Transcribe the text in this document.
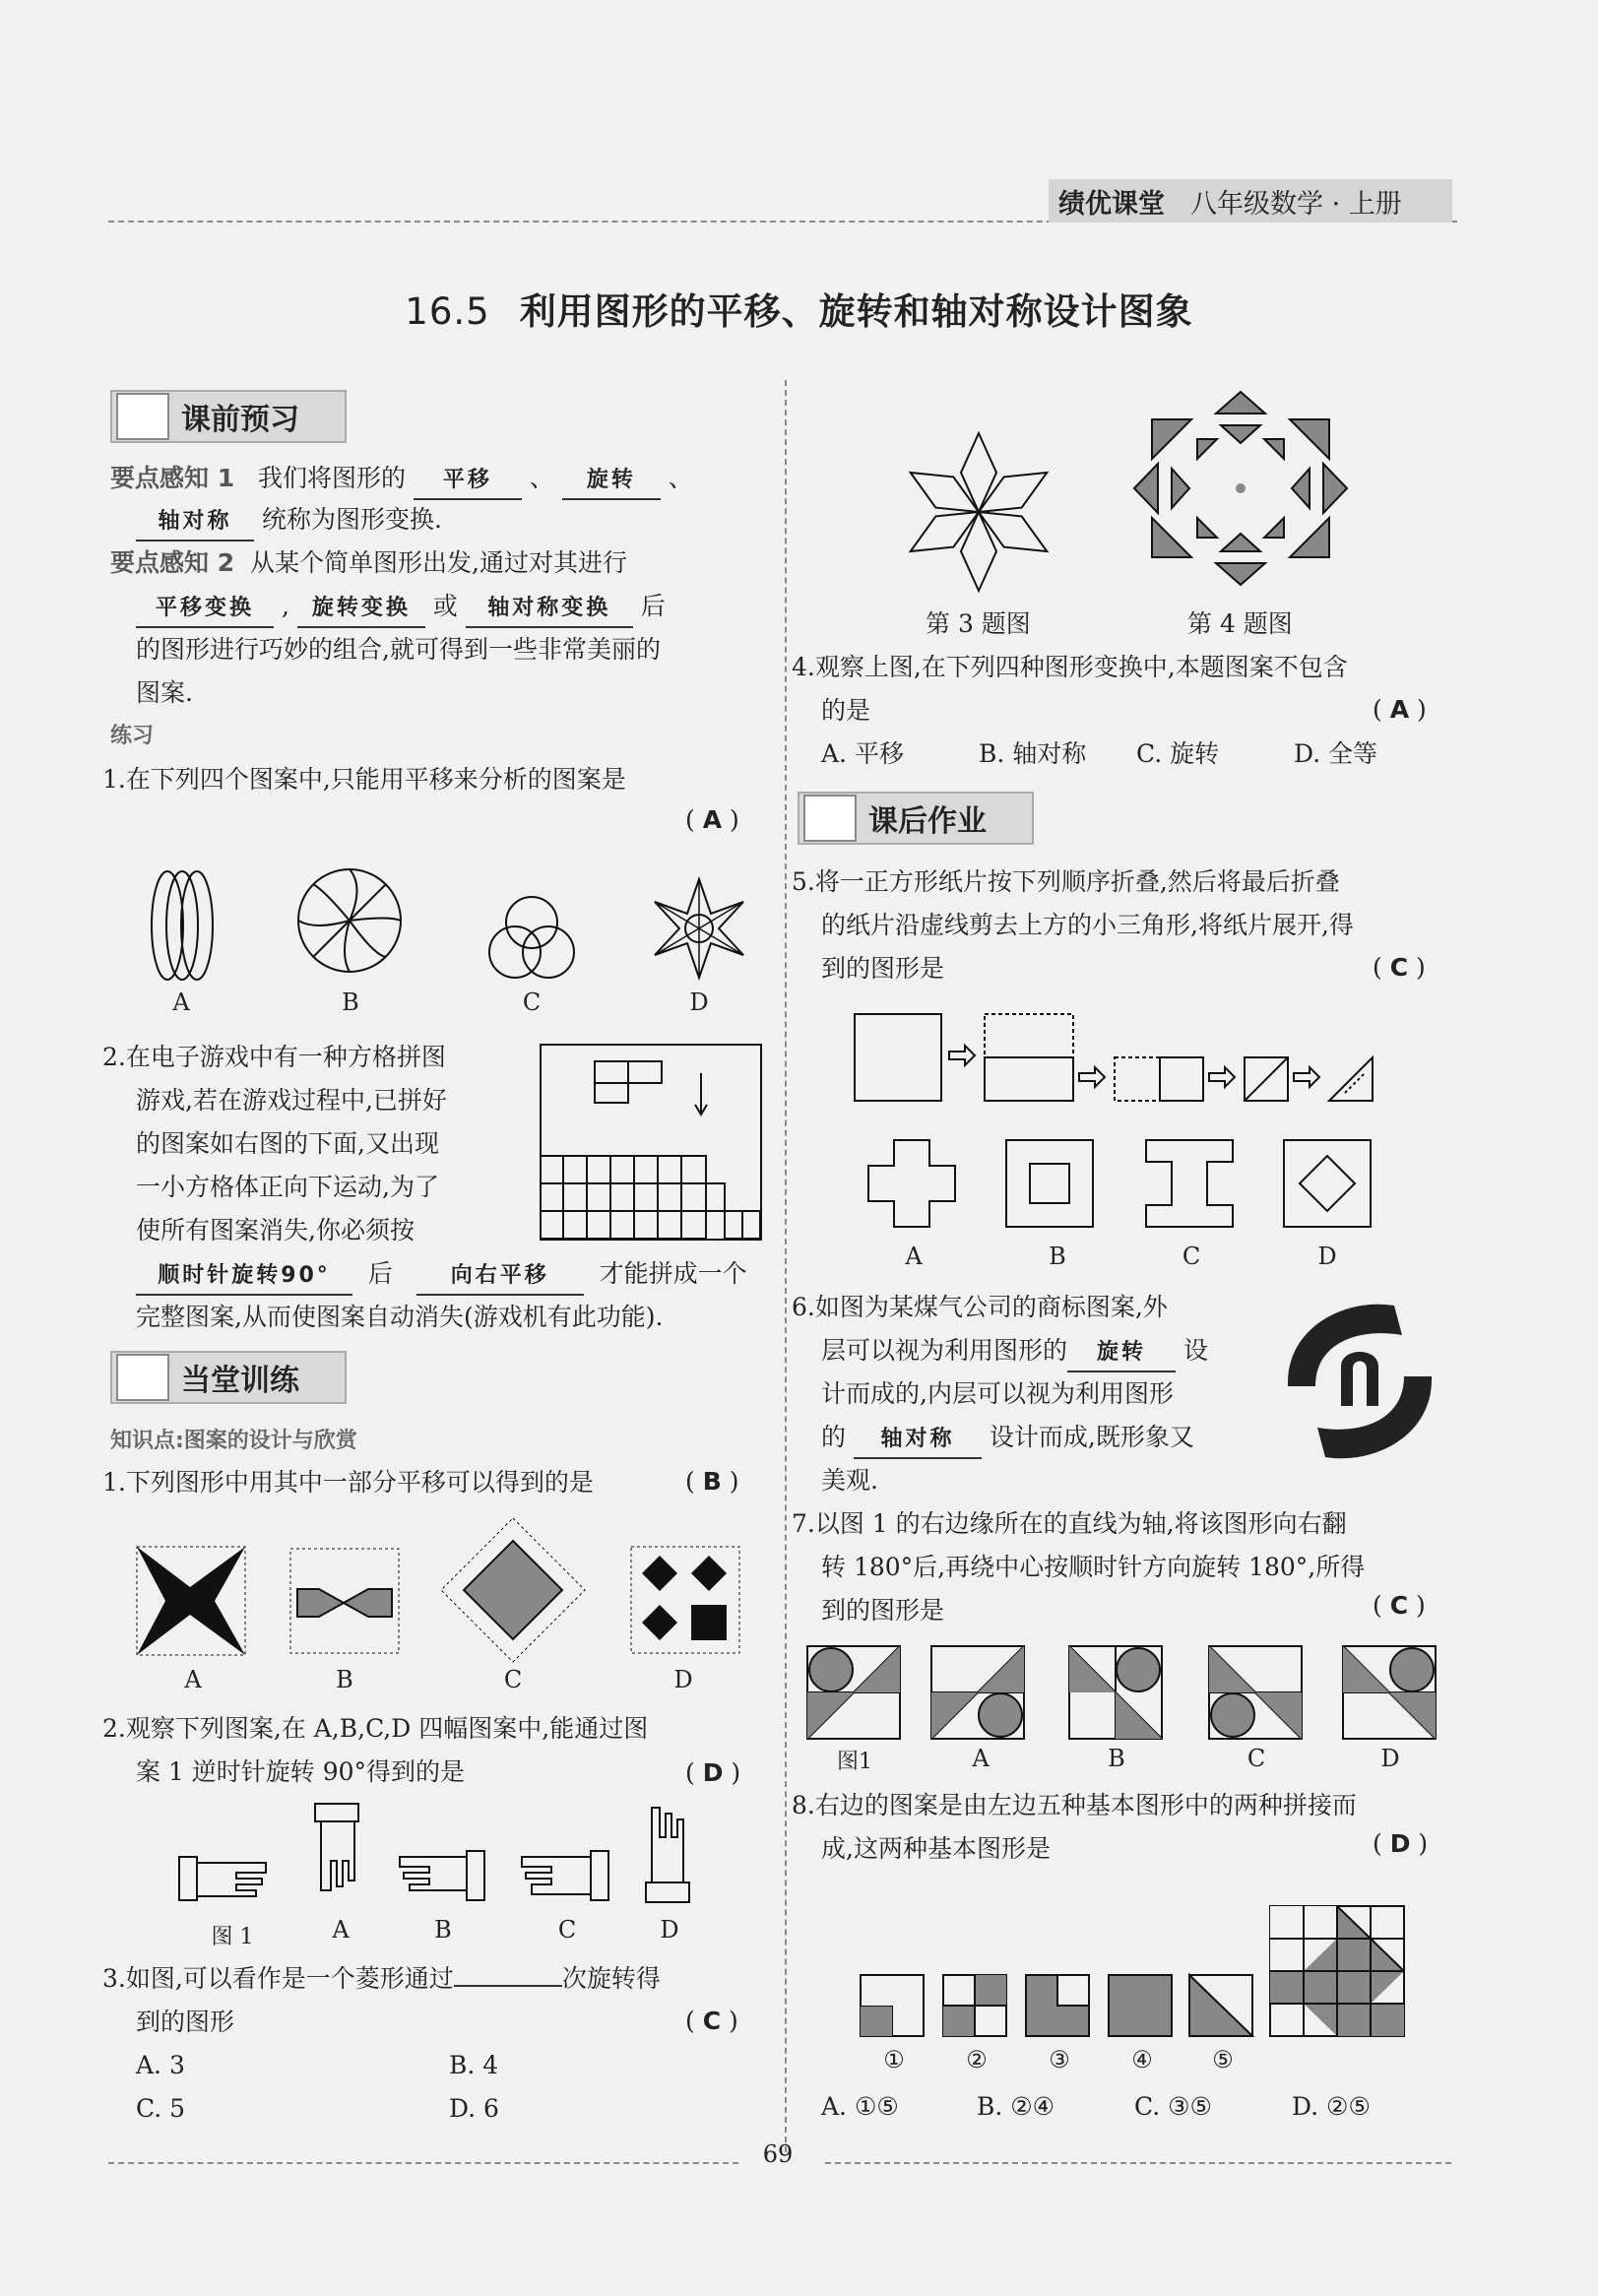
绩优课堂 八年级数学 · 上册
16.5 利用图形的平移、旋转和轴对称设计图象
课前预习
要点感知 1 我们将图形的 平移 、 旋转 、
轴对称 统称为图形变换.
要点感知 2 从某个简单图形出发,通过对其进行
平移变换 , 旋转变换 或 轴对称变换 后
的图形进行巧妙的组合,就可得到一些非常美丽的
图案.
练习
1.在下列四个图案中,只能用平移来分析的图案是
( A )
A	B	C	D
2.在电子游戏中有一种方格拼图
游戏,若在游戏过程中,已拼好
的图案如右图的下面,又出现
一小方格体正向下运动,为了
使所有图案消失,你必须按
顺时针旋转90° 后	向右平移 才能拼成一个
完整图案,从而使图案自动消失(游戏机有此功能).
当堂训练
知识点:图案的设计与欣赏
1.下列图形中用其中一部分平移可以得到的是	( B )
A	B	C	D
2.观察下列图案,在 A,B,C,D 四幅图案中,能通过图
案 1 逆时针旋转 90°得到的是	( D )
图 1	A	B	C	D
3.如图,可以看作是一个菱形通过	次旋转得
到的图形	( C )
A. 3	B. 4
C. 5	D. 6
第 3 题图	第 4 题图
4.观察上图,在下列四种图形变换中,本题图案不包含
的是	( A )
A. 平移	B. 轴对称 C. 旋转	D. 全等
课后作业
5.将一正方形纸片按下列顺序折叠,然后将最后折叠
的纸片沿虚线剪去上方的小三角形,将纸片展开,得
到的图形是	( C )
A	B	C	D
6.如图为某煤气公司的商标图案,外
层可以视为利用图形的 旋转 设
计而成的,内层可以视为利用图形
的 轴对称 设计而成,既形象又
美观.
7.以图 1 的右边缘所在的直线为轴,将该图形向右翻
转 180°后,再绕中心按顺时针方向旋转 180°,所得
到的图形是	( C )
图1	A	B	C	D
8.右边的图案是由左边五种基本图形中的两种拼接而
成,这两种基本图形是	( D )
①	②	③	④	⑤
A. ①⑤	B. ②④	C. ③⑤	D. ②⑤
69
